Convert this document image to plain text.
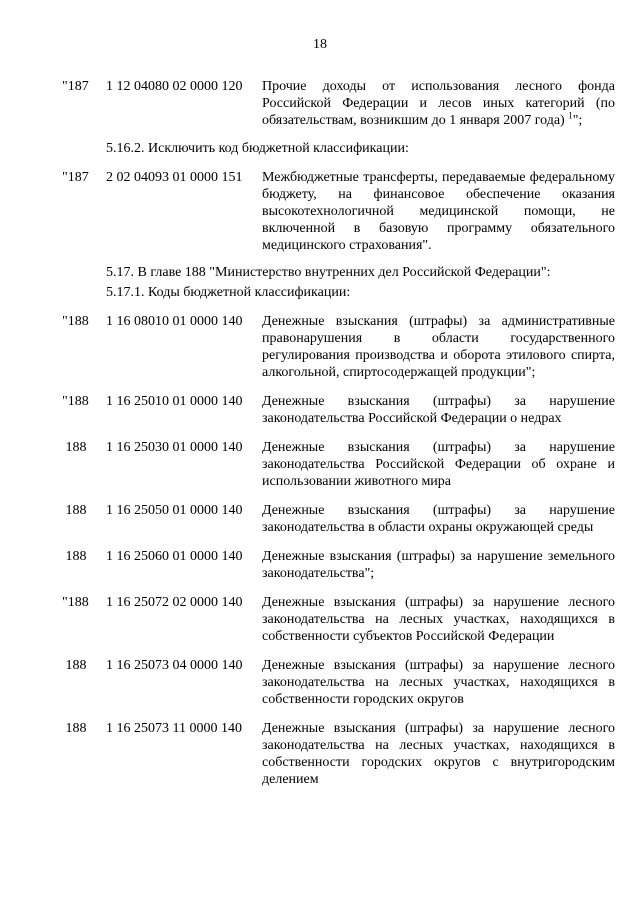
18
"187	1 12 04080 02 0000 120	Прочие доходы от использования лесного фонда Российской Федерации и лесов иных категорий (по обязательствам, возникшим до 1 января 2007 года) $^1$";
5.16.2. Исключить код бюджетной классификации:
"187	2 02 04093 01 0000 151	Межбюджетные трансферты, передаваемые федеральному бюджету, на финансовое обеспечение оказания высокотехнологичной медицинской помощи, не включенной в базовую программу обязательного медицинского страхования".
5.17. В главе 188 "Министерство внутренних дел Российской Федерации":
5.17.1. Коды бюджетной классификации:
"188	1 16 08010 01 0000 140	Денежные взыскания (штрафы) за административные правонарушения в области государственного регулирования производства и оборота этилового спирта, алкогольной, спиртосодержащей продукции";
"188	1 16 25010 01 0000 140	Денежные взыскания (штрафы) за нарушение законодательства Российской Федерации о недрах
188	1 16 25030 01 0000 140	Денежные взыскания (штрафы) за нарушение законодательства Российской Федерации об охране и использовании животного мира
188	1 16 25050 01 0000 140	Денежные взыскания (штрафы) за нарушение законодательства в области охраны окружающей среды
188	1 16 25060 01 0000 140	Денежные взыскания (штрафы) за нарушение земельного законодательства";
"188	1 16 25072 02 0000 140	Денежные взыскания (штрафы) за нарушение лесного законодательства на лесных участках, находящихся в собственности субъектов Российской Федерации
188	1 16 25073 04 0000 140	Денежные взыскания (штрафы) за нарушение лесного законодательства на лесных участках, находящихся в собственности городских округов
188	1 16 25073 11 0000 140	Денежные взыскания (штрафы) за нарушение лесного законодательства на лесных участках, находящихся в собственности городских округов с внутригородским делением
